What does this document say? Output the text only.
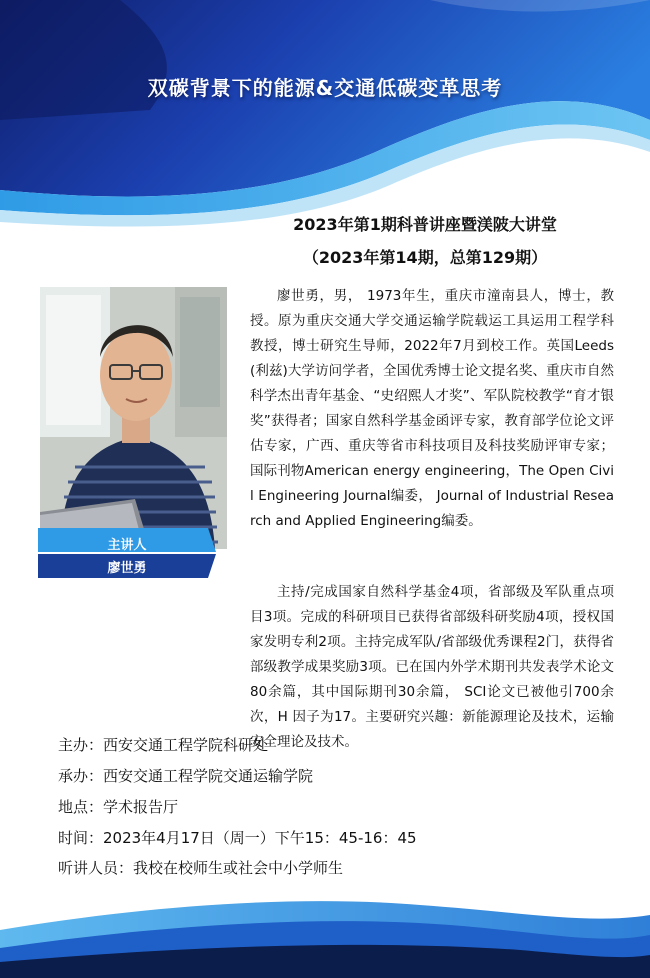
双碳背景下的能源&交通低碳变革思考
2023年第1期科普讲座暨渼陂大讲堂
（2023年第14期，总第129期）
主讲人
廖世勇

廖世勇，男， 1973年生，重庆市潼南县人，博士，教授。原为重庆交通大学交通运输学院载运工具运用工程学科教授，博士研究生导师，2022年7月到校工作。英国Leeds(利兹)大学访问学者，全国优秀博士论文提名奖、重庆市自然科学杰出青年基金、“史绍熙人才奖”、军队院校教学“育才银奖”获得者；国家自然科学基金函评专家，教育部学位论文评估专家，广西、重庆等省市科技项目及科技奖励评审专家；国际刊物American energy engineering，The Open Civil Engineering Journal编委， Journal of Industrial Research and Applied Engineering编委。

主持/完成国家自然科学基金4项，省部级及军队重点项目3项。完成的科研项目已获得省部级科研奖励4项，授权国家发明专利2项。主持完成军队/省部级优秀课程2门，获得省部级教学成果奖励3项。已在国内外学术期刊共发表学术论文80余篇，其中国际期刊30余篇， SCI论文已被他引700余次，H 因子为17。主要研究兴趣：新能源理论及技术，运输安全理论及技术。

主办：西安交通工程学院科研处
承办：西安交通工程学院交通运输学院
地点：学术报告厅
时间：2023年4月17日（周一）下午15：45-16：45
听讲人员：我校在校师生或社会中小学师生
